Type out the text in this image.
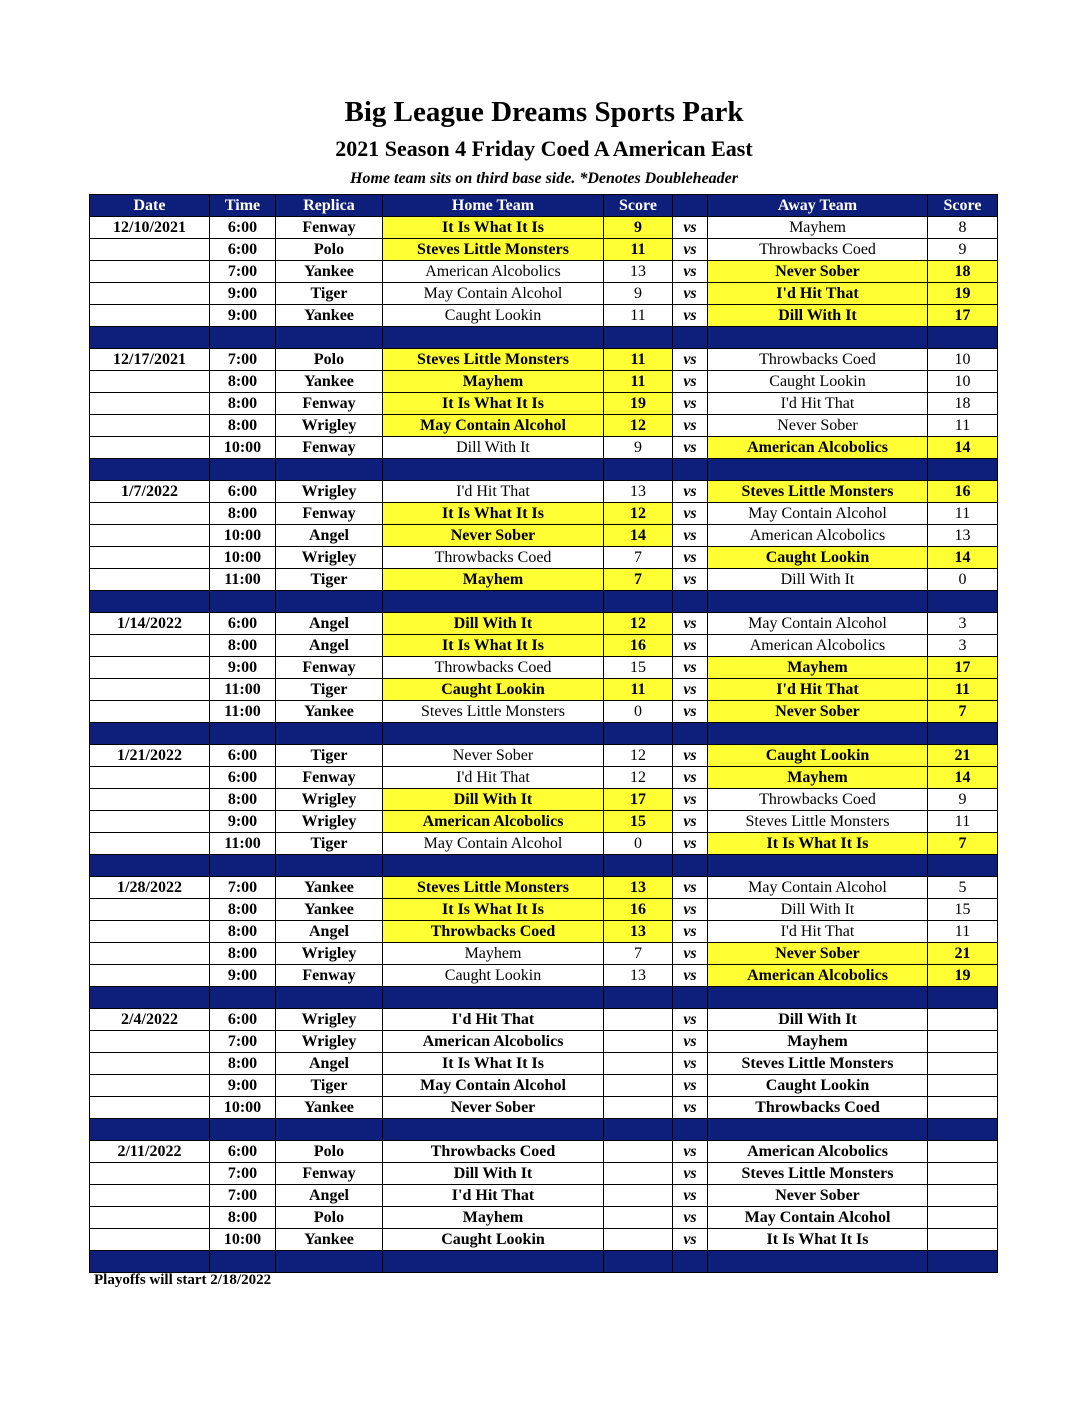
Big League Dreams Sports Park
2021 Season 4 Friday Coed A American East
Home team sits on third base side. *Denotes Doubleheader
Date	Time	Replica	Home Team	Score		Away Team	Score
12/10/2021	6:00	Fenway	It Is What It Is	9	vs	Mayhem	8
	6:00	Polo	Steves Little Monsters	11	vs	Throwbacks Coed	9
	7:00	Yankee	American Alcobolics	13	vs	Never Sober	18
	9:00	Tiger	May Contain Alcohol	9	vs	I'd Hit That	19
	9:00	Yankee	Caught Lookin	11	vs	Dill With It	17

12/17/2021	7:00	Polo	Steves Little Monsters	11	vs	Throwbacks Coed	10
	8:00	Yankee	Mayhem	11	vs	Caught Lookin	10
	8:00	Fenway	It Is What It Is	19	vs	I'd Hit That	18
	8:00	Wrigley	May Contain Alcohol	12	vs	Never Sober	11
	10:00	Fenway	Dill With It	9	vs	American Alcobolics	14

1/7/2022	6:00	Wrigley	I'd Hit That	13	vs	Steves Little Monsters	16
	8:00	Fenway	It Is What It Is	12	vs	May Contain Alcohol	11
	10:00	Angel	Never Sober	14	vs	American Alcobolics	13
	10:00	Wrigley	Throwbacks Coed	7	vs	Caught Lookin	14
	11:00	Tiger	Mayhem	7	vs	Dill With It	0

1/14/2022	6:00	Angel	Dill With It	12	vs	May Contain Alcohol	3
	8:00	Angel	It Is What It Is	16	vs	American Alcobolics	3
	9:00	Fenway	Throwbacks Coed	15	vs	Mayhem	17
	11:00	Tiger	Caught Lookin	11	vs	I'd Hit That	11
	11:00	Yankee	Steves Little Monsters	0	vs	Never Sober	7

1/21/2022	6:00	Tiger	Never Sober	12	vs	Caught Lookin	21
	6:00	Fenway	I'd Hit That	12	vs	Mayhem	14
	8:00	Wrigley	Dill With It	17	vs	Throwbacks Coed	9
	9:00	Wrigley	American Alcobolics	15	vs	Steves Little Monsters	11
	11:00	Tiger	May Contain Alcohol	0	vs	It Is What It Is	7

1/28/2022	7:00	Yankee	Steves Little Monsters	13	vs	May Contain Alcohol	5
	8:00	Yankee	It Is What It Is	16	vs	Dill With It	15
	8:00	Angel	Throwbacks Coed	13	vs	I'd Hit That	11
	8:00	Wrigley	Mayhem	7	vs	Never Sober	21
	9:00	Fenway	Caught Lookin	13	vs	American Alcobolics	19

2/4/2022	6:00	Wrigley	I'd Hit That		vs	Dill With It	
	7:00	Wrigley	American Alcobolics		vs	Mayhem	
	8:00	Angel	It Is What It Is		vs	Steves Little Monsters	
	9:00	Tiger	May Contain Alcohol		vs	Caught Lookin	
	10:00	Yankee	Never Sober		vs	Throwbacks Coed	

2/11/2022	6:00	Polo	Throwbacks Coed		vs	American Alcobolics	
	7:00	Fenway	Dill With It		vs	Steves Little Monsters	
	7:00	Angel	I'd Hit That		vs	Never Sober	
	8:00	Polo	Mayhem		vs	May Contain Alcohol	
	10:00	Yankee	Caught Lookin		vs	It Is What It Is	

Playoffs will start 2/18/2022
